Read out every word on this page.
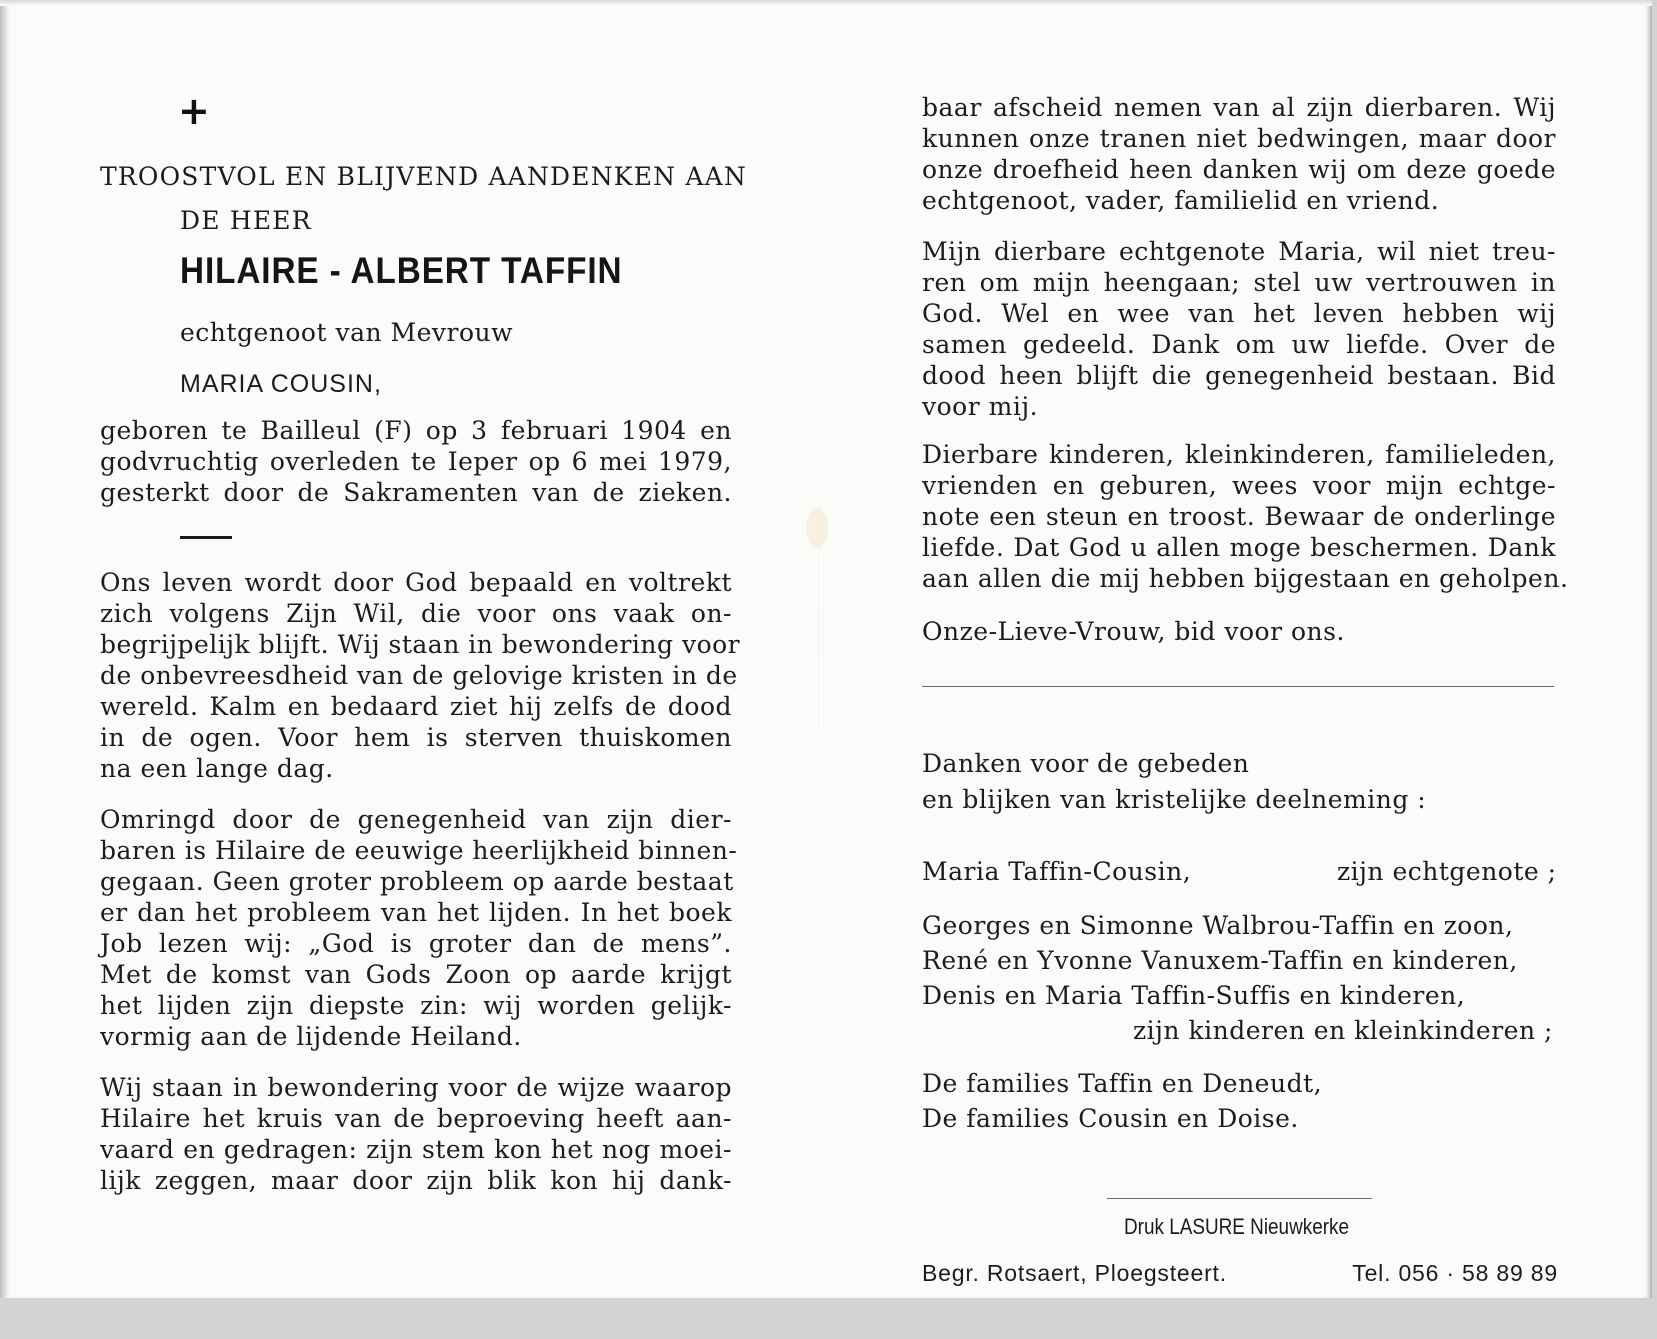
+

TROOSTVOL EN BLIJVEND AANDENKEN AAN

DE HEER

HILAIRE - ALBERT TAFFIN

echtgenoot van Mevrouw

MARIA COUSIN,

geboren te Bailleul (F) op 3 februari 1904 en

godvruchtig overleden te Ieper op 6 mei 1979,

gesterkt door de Sakramenten van de zieken.

Ons leven wordt door God bepaald en voltrekt

zich volgens Zijn Wil, die voor ons vaak on-

begrijpelijk blijft. Wij staan in bewondering voor

de onbevreesdheid van de gelovige kristen in de

wereld. Kalm en bedaard ziet hij zelfs de dood

in de ogen. Voor hem is sterven thuiskomen

na een lange dag.

Omringd door de genegenheid van zijn dier-

baren is Hilaire de eeuwige heerlijkheid binnen-

gegaan. Geen groter probleem op aarde bestaat

er dan het probleem van het lijden. In het boek

Job lezen wij: „God is groter dan de mens”.

Met de komst van Gods Zoon op aarde krijgt

het lijden zijn diepste zin: wij worden gelijk-

vormig aan de lijdende Heiland.

Wij staan in bewondering voor de wijze waarop

Hilaire het kruis van de beproeving heeft aan-

vaard en gedragen: zijn stem kon het nog moei-

lijk zeggen, maar door zijn blik kon hij dank-

baar afscheid nemen van al zijn dierbaren. Wij

kunnen onze tranen niet bedwingen, maar door

onze droefheid heen danken wij om deze goede

echtgenoot, vader, familielid en vriend.

Mijn dierbare echtgenote Maria, wil niet treu-

ren om mijn heengaan; stel uw vertrouwen in

God. Wel en wee van het leven hebben wij

samen gedeeld. Dank om uw liefde. Over de

dood heen blijft die genegenheid bestaan. Bid

voor mij.

Dierbare kinderen, kleinkinderen, familieleden,

vrienden en geburen, wees voor mijn echtge-

note een steun en troost. Bewaar de onderlinge

liefde. Dat God u allen moge beschermen. Dank

aan allen die mij hebben bijgestaan en geholpen.

Onze-Lieve-Vrouw, bid voor ons.

Danken voor de gebeden

en blijken van kristelijke deelneming :

Maria Taffin-Cousin,	zijn echtgenote ;

Georges en Simonne Walbrou-Taffin en zoon,

René en Yvonne Vanuxem-Taffin en kinderen,

Denis en Maria Taffin-Suffis en kinderen,

zijn kinderen en kleinkinderen ;

De families Taffin en Deneudt,

De families Cousin en Doise.

Druk LASURE Nieuwkerke

Begr. Rotsaert, Ploegsteert.	Tel. 056 · 58 89 89
